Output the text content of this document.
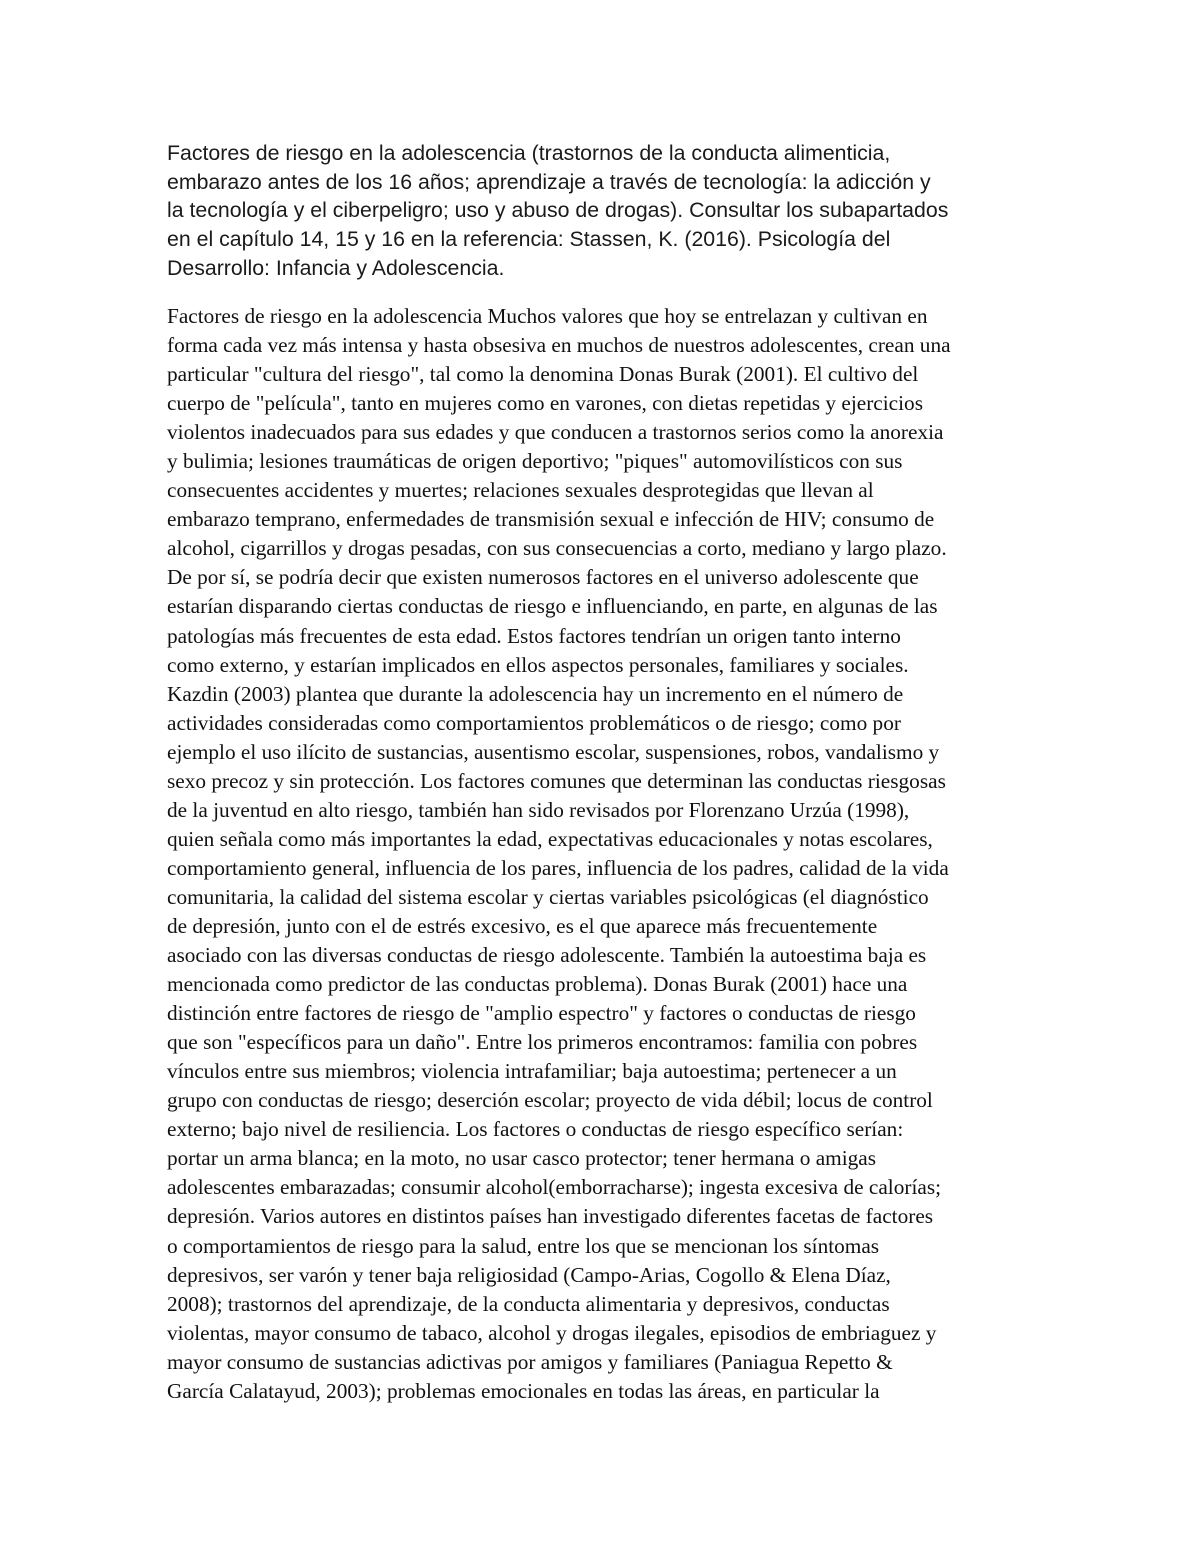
Factores de riesgo en la adolescencia (trastornos de la conducta alimenticia,
embarazo antes de los 16 años; aprendizaje a través de tecnología: la adicción y
la tecnología y el ciberpeligro; uso y abuso de drogas). Consultar los subapartados
en el capítulo 14, 15 y 16 en la referencia: Stassen, K. (2016). Psicología del
Desarrollo: Infancia y Adolescencia.

Factores de riesgo en la adolescencia Muchos valores que hoy se entrelazan y cultivan en
forma cada vez más intensa y hasta obsesiva en muchos de nuestros adolescentes, crean una
particular "cultura del riesgo", tal como la denomina Donas Burak (2001). El cultivo del
cuerpo de "película", tanto en mujeres como en varones, con dietas repetidas y ejercicios
violentos inadecuados para sus edades y que conducen a trastornos serios como la anorexia
y bulimia; lesiones traumáticas de origen deportivo; "piques" automovilísticos con sus
consecuentes accidentes y muertes; relaciones sexuales desprotegidas que llevan al
embarazo temprano, enfermedades de transmisión sexual e infección de HIV; consumo de
alcohol, cigarrillos y drogas pesadas, con sus consecuencias a corto, mediano y largo plazo.
De por sí, se podría decir que existen numerosos factores en el universo adolescente que
estarían disparando ciertas conductas de riesgo e influenciando, en parte, en algunas de las
patologías más frecuentes de esta edad. Estos factores tendrían un origen tanto interno
como externo, y estarían implicados en ellos aspectos personales, familiares y sociales.
Kazdin (2003) plantea que durante la adolescencia hay un incremento en el número de
actividades consideradas como comportamientos problemáticos o de riesgo; como por
ejemplo el uso ilícito de sustancias, ausentismo escolar, suspensiones, robos, vandalismo y
sexo precoz y sin protección. Los factores comunes que determinan las conductas riesgosas
de la juventud en alto riesgo, también han sido revisados por Florenzano Urzúa (1998),
quien señala como más importantes la edad, expectativas educacionales y notas escolares,
comportamiento general, influencia de los pares, influencia de los padres, calidad de la vida
comunitaria, la calidad del sistema escolar y ciertas variables psicológicas (el diagnóstico
de depresión, junto con el de estrés excesivo, es el que aparece más frecuentemente
asociado con las diversas conductas de riesgo adolescente. También la autoestima baja es
mencionada como predictor de las conductas problema). Donas Burak (2001) hace una
distinción entre factores de riesgo de "amplio espectro" y factores o conductas de riesgo
que son "específicos para un daño". Entre los primeros encontramos: familia con pobres
vínculos entre sus miembros; violencia intrafamiliar; baja autoestima; pertenecer a un
grupo con conductas de riesgo; deserción escolar; proyecto de vida débil; locus de control
externo; bajo nivel de resiliencia. Los factores o conductas de riesgo específico serían:
portar un arma blanca; en la moto, no usar casco protector; tener hermana o amigas
adolescentes embarazadas; consumir alcohol(emborracharse); ingesta excesiva de calorías;
depresión. Varios autores en distintos países han investigado diferentes facetas de factores
o comportamientos de riesgo para la salud, entre los que se mencionan los síntomas
depresivos, ser varón y tener baja religiosidad (Campo-Arias, Cogollo & Elena Díaz,
2008); trastornos del aprendizaje, de la conducta alimentaria y depresivos, conductas
violentas, mayor consumo de tabaco, alcohol y drogas ilegales, episodios de embriaguez y
mayor consumo de sustancias adictivas por amigos y familiares (Paniagua Repetto &
García Calatayud, 2003); problemas emocionales en todas las áreas, en particular la
